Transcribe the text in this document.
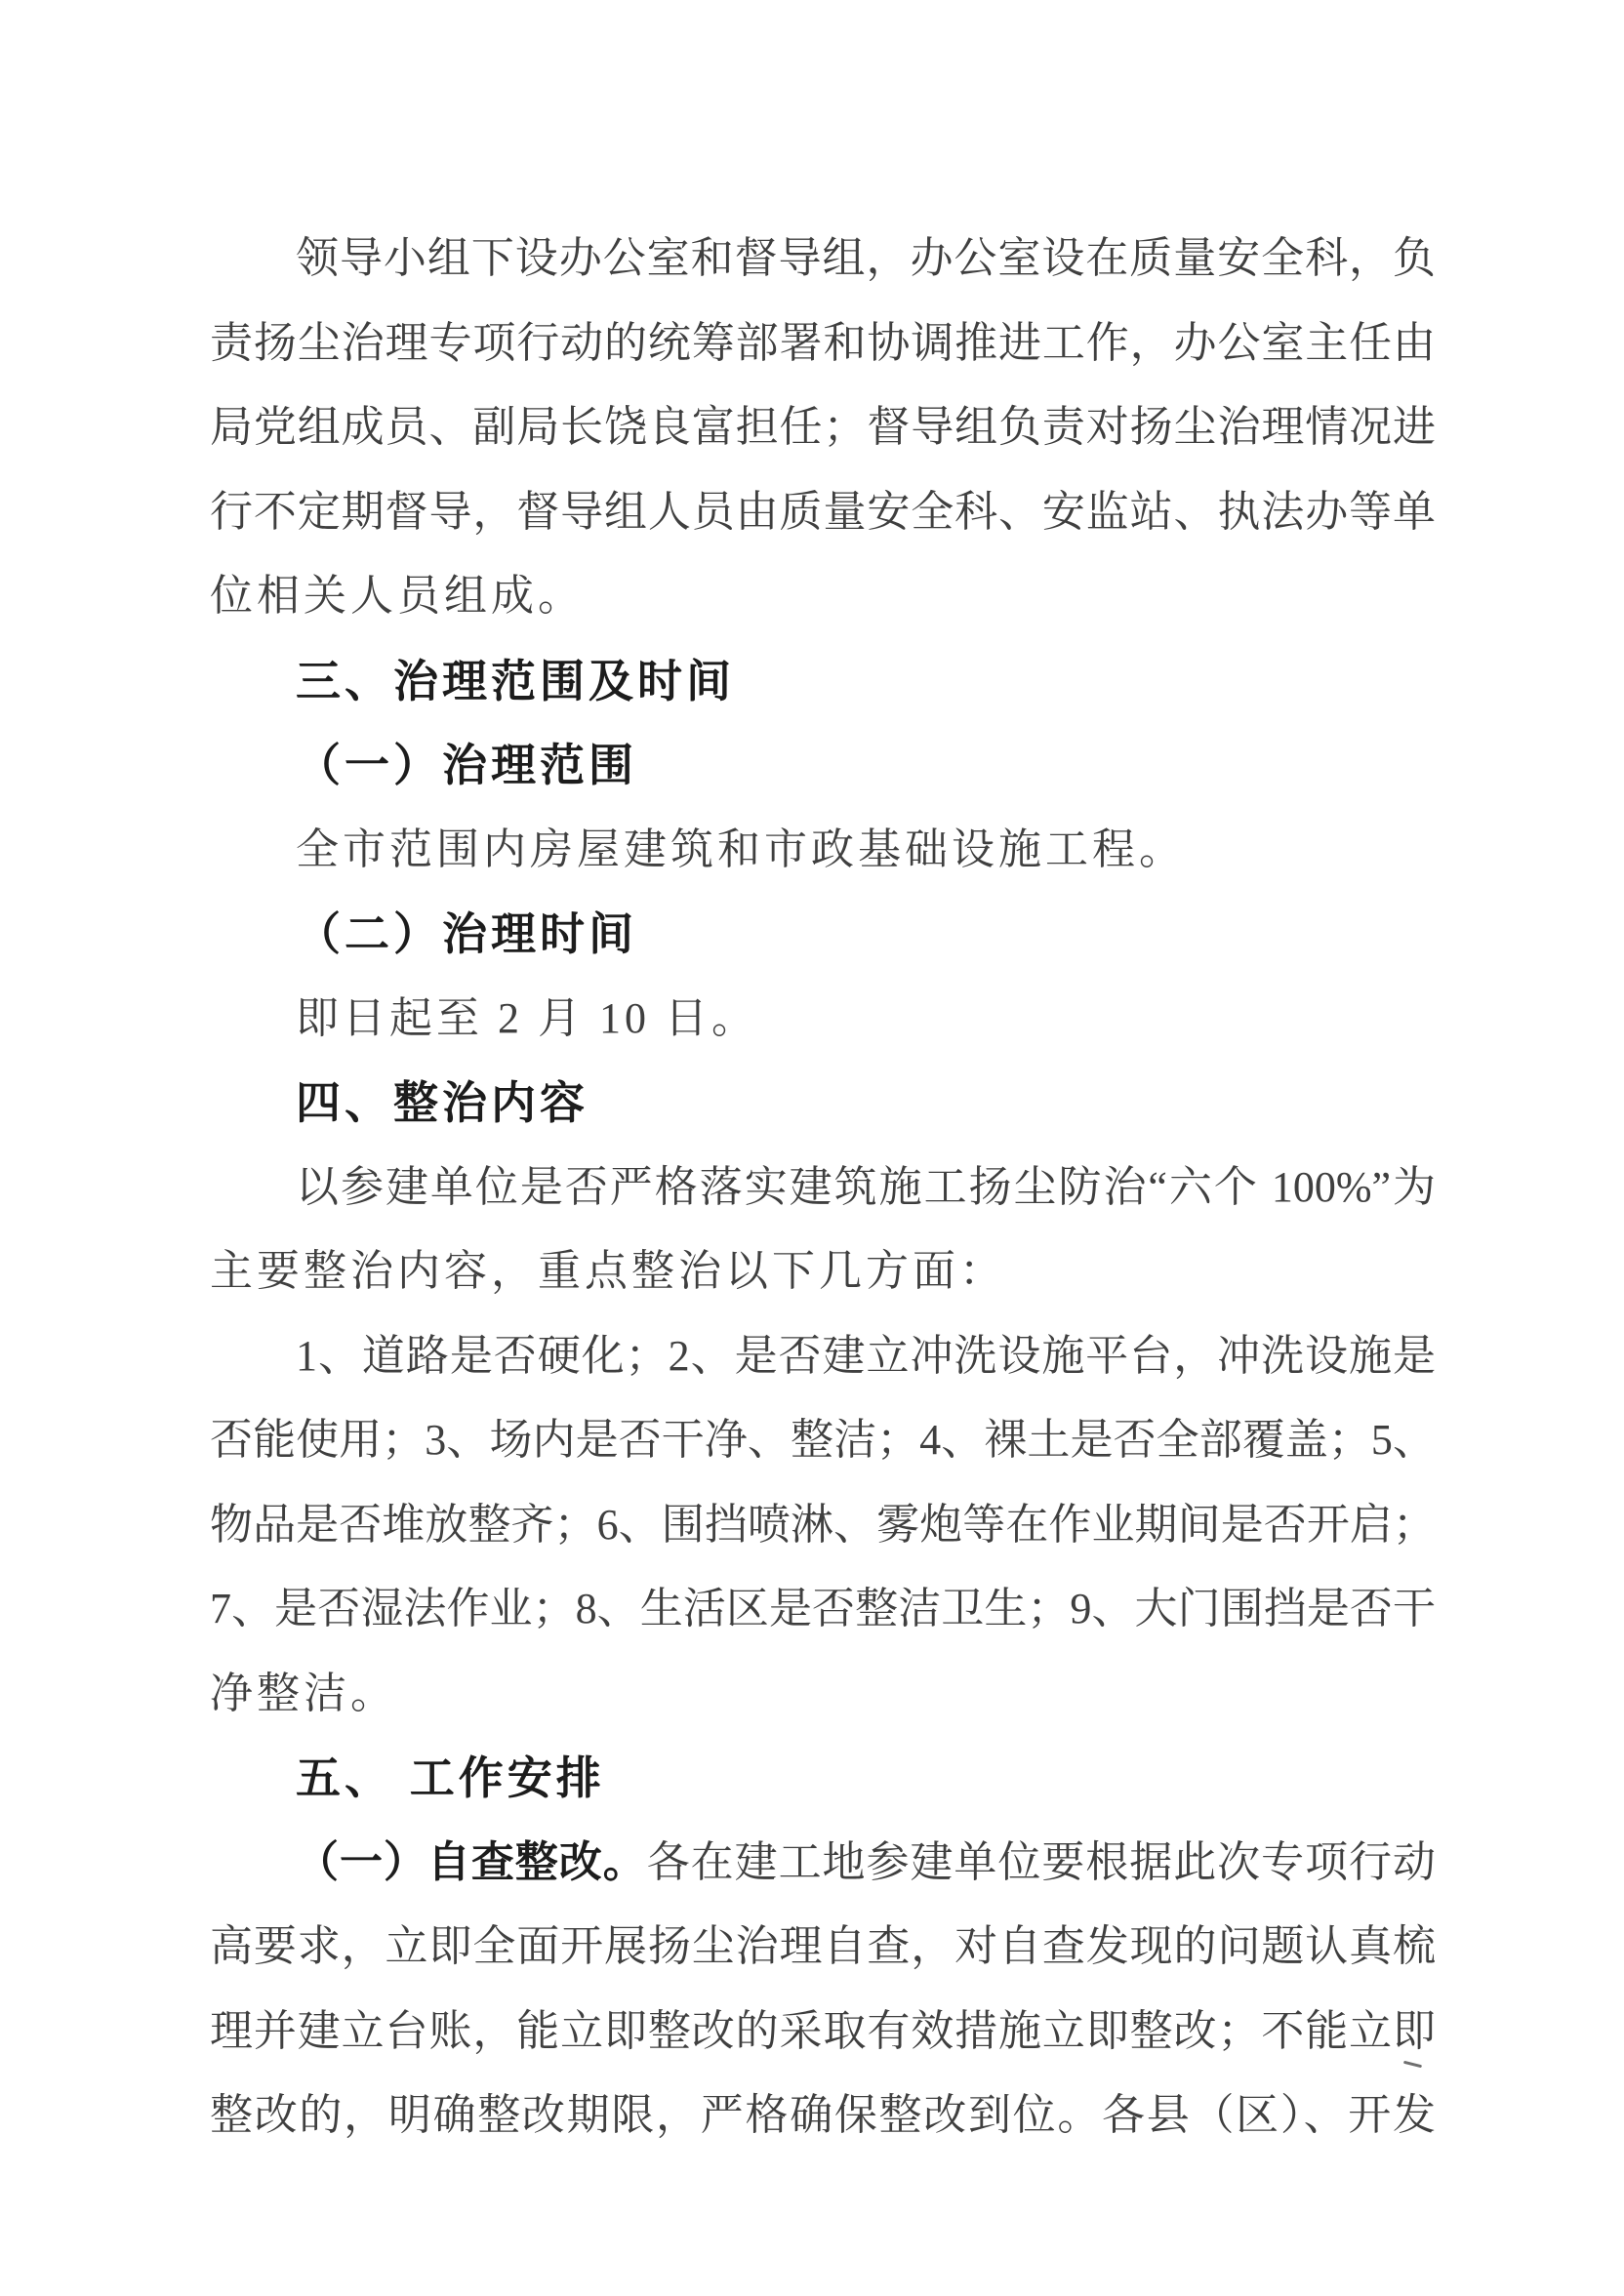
领导小组下设办公室和督导组，办公室设在质量安全科，负
责扬尘治理专项行动的统筹部署和协调推进工作，办公室主任由
局党组成员、副局长饶良富担任；督导组负责对扬尘治理情况进
行不定期督导，督导组人员由质量安全科、安监站、执法办等单
位相关人员组成。
三、治理范围及时间
（一）治理范围
全市范围内房屋建筑和市政基础设施工程。
（二）治理时间
即日起至 2 月 10 日。
四、整治内容
以参建单位是否严格落实建筑施工扬尘防治“六个 100%”为
主要整治内容，重点整治以下几方面：
1、道路是否硬化；2、是否建立冲洗设施平台，冲洗设施是
否能使用；3、场内是否干净、整洁；4、裸土是否全部覆盖；5、
物品是否堆放整齐；6、围挡喷淋、雾炮等在作业期间是否开启；
7、是否湿法作业；8、生活区是否整洁卫生；9、大门围挡是否干
净整洁。
五、 工作安排
（一）自查整改。各在建工地参建单位要根据此次专项行动
高要求，立即全面开展扬尘治理自查，对自查发现的问题认真梳
理并建立台账，能立即整改的采取有效措施立即整改；不能立即
整改的，明确整改期限，严格确保整改到位。各县（区）、开发
